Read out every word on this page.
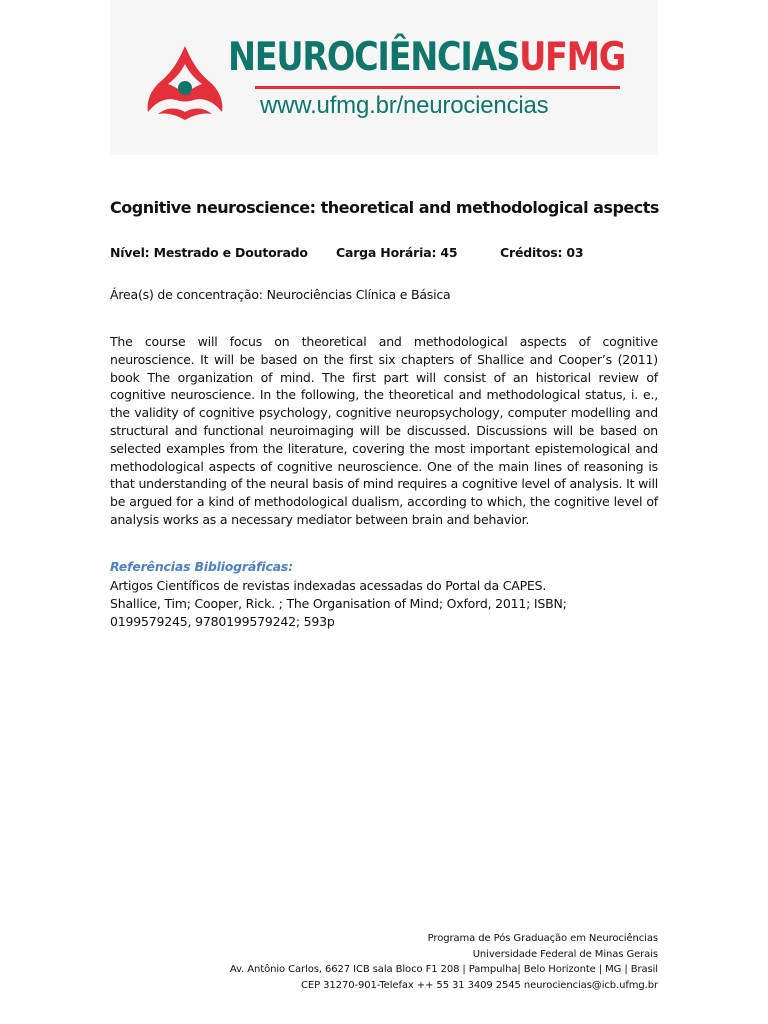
NEUROCIÊNCIASUFMG
www.ufmg.br/neurociencias
Cognitive neuroscience: theoretical and methodological aspects
Nível: Mestrado e Doutorado Carga Horária: 45	Créditos: 03
Área(s) de concentração: Neurociências Clínica e Básica

The course will focus on theoretical and methodological aspects of cognitive neuroscience. It will be based on the first six chapters of Shallice and Cooper’s (2011) book The organization of mind. The first part will consist of an historical review of cognitive neuroscience. In the following, the theoretical and methodological status, i. e., the validity of cognitive psychology, cognitive neuropsychology, computer modelling and structural and functional neuroimaging will be discussed. Discussions will be based on selected examples from the literature, covering the most important epistemological and methodological aspects of cognitive neuroscience. One of the main lines of reasoning is that understanding of the neural basis of mind requires a cognitive level of analysis. It will be argued for a kind of methodological dualism, according to which, the cognitive level of analysis works as a necessary mediator between brain and behavior.

Referências Bibliográficas:
Artigos Científicos de revistas indexadas acessadas do Portal da CAPES.
Shallice, Tim; Cooper, Rick. ; The Organisation of Mind; Oxford, 2011; ISBN;
0199579245, 9780199579242; 593p
Programa de Pós Graduação em Neurociências
Universidade Federal de Minas Gerais
Av. Antônio Carlos, 6627 ICB sala Bloco F1 208 | Pampulha| Belo Horizonte | MG | Brasil
CEP 31270-901-Telefax ++ 55 31 3409 2545 neurociencias@icb.ufmg.br
